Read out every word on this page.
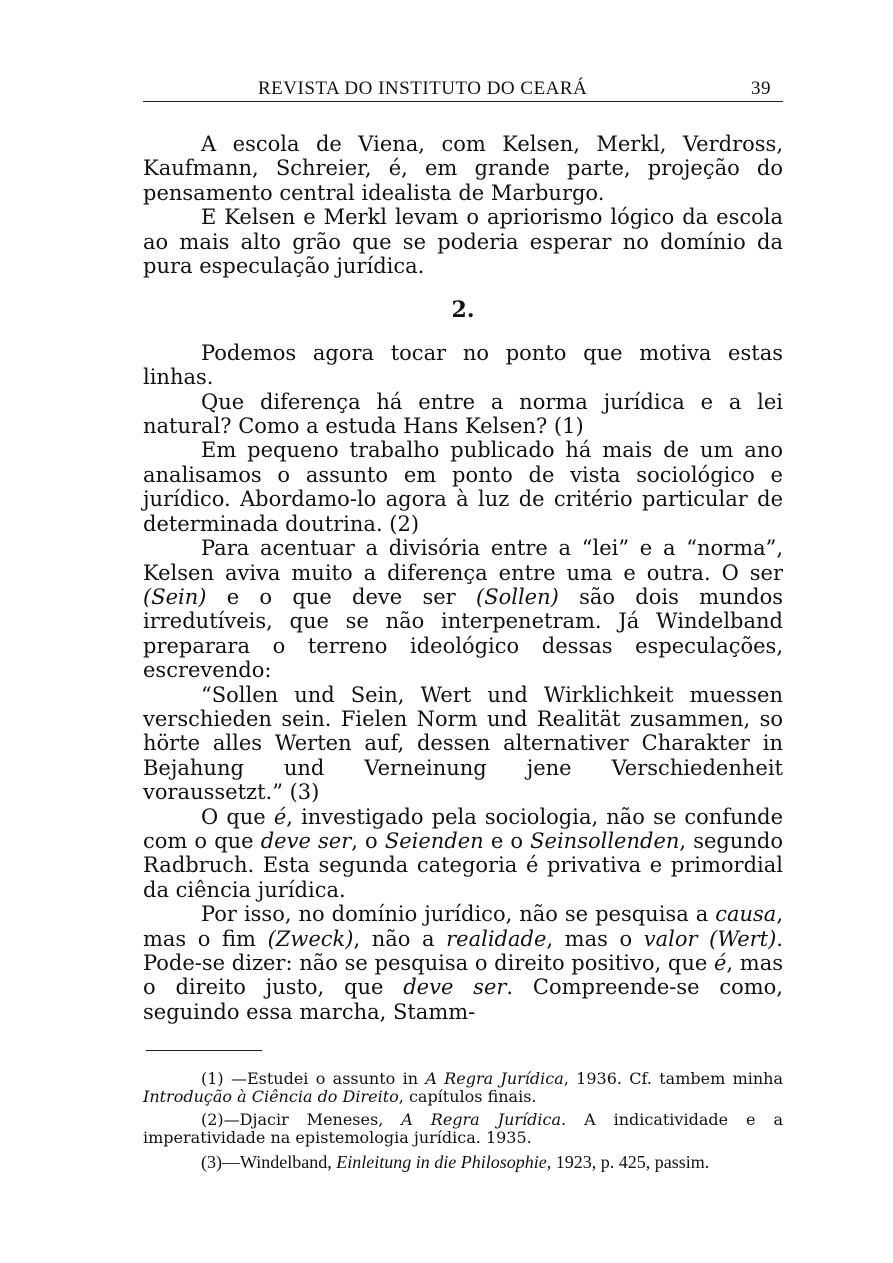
REVISTA DO INSTITUTO DO CEARÁ	39

A escola de Viena, com Kelsen, Merkl, Verdross, Kaufmann, Schreier, é, em grande parte, projeção do pensamento central idealista de Marburgo.

E Kelsen e Merkl levam o apriorismo lógico da escola ao mais alto grão que se poderia esperar no domínio da pura especulação jurídica.

2.

Podemos agora tocar no ponto que motiva estas linhas.

Que diferença há entre a norma jurídica e a lei natural? Como a estuda Hans Kelsen? (1)

Em pequeno trabalho publicado há mais de um ano analisamos o assunto em ponto de vista sociológico e jurídico. Abordamo-lo agora à luz de critério particular de determinada doutrina. (2)

Para acentuar a divisória entre a “lei” e a “norma”, Kelsen aviva muito a diferença entre uma e outra. O ser (Sein) e o que deve ser (Sollen) são dois mundos irredutíveis, que se não interpenetram. Já Windelband preparara o terreno ideológico dessas especulações, escrevendo:

“Sollen und Sein, Wert und Wirklichkeit muessen verschieden sein. Fielen Norm und Realität zusammen, so hörte alles Werten auf, dessen alternativer Charakter in Bejahung und Verneinung jene Verschiedenheit voraussetzt.” (3)

O que é, investigado pela sociologia, não se confunde com o que deve ser, o Seienden e o Seinsollenden, segundo Radbruch. Esta segunda categoria é privativa e primordial da ciência jurídica.

Por isso, no domínio jurídico, não se pesquisa a causa, mas o fim (Zweck), não a realidade, mas o valor (Wert). Pode-se dizer: não se pesquisa o direito positivo, que é, mas o direito justo, que deve ser. Compreende-se como, seguindo essa marcha, Stamm-

(1) —Estudei o assunto in A Regra Jurídica, 1936. Cf. tambem minha Introdução à Ciência do Direito, capítulos finais.

(2)—Djacir Meneses, A Regra Jurídica. A indicatividade e a imperatividade na epistemologia jurídica. 1935.

(3)—Windelband, Einleitung in die Philosophie, 1923, p. 425, passim.
